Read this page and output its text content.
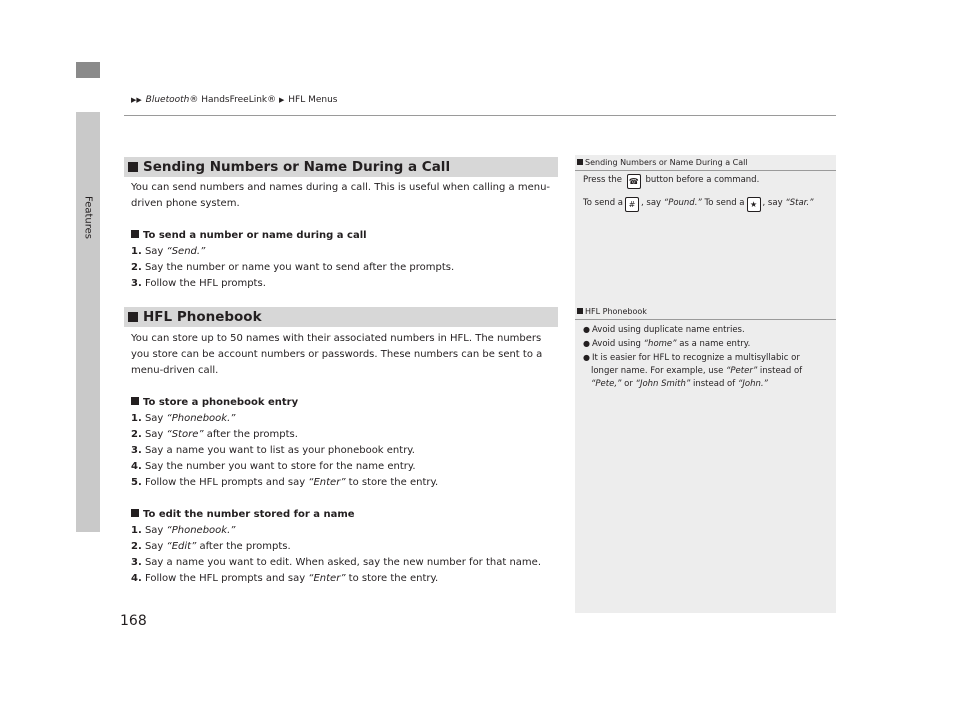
Features
▶▶ Bluetooth® HandsFreeLink® ▶ HFL Menus
Sending Numbers or Name During a Call

You can send numbers and names during a call. This is useful when calling a menu-

driven phone system.

To send a number or name during a call

1. Say “Send.”

2. Say the number or name you want to send after the prompts.

3. Follow the HFL prompts.

HFL Phonebook

You can store up to 50 names with their associated numbers in HFL. The numbers

you store can be account numbers or passwords. These numbers can be sent to a

menu-driven call.

To store a phonebook entry

1. Say “Phonebook.”

2. Say “Store” after the prompts.

3. Say a name you want to list as your phonebook entry.

4. Say the number you want to store for the name entry.

5. Follow the HFL prompts and say “Enter” to store the entry.

To edit the number stored for a name

1. Say “Phonebook.”

2. Say “Edit” after the prompts.

3. Say a name you want to edit. When asked, say the new number for that name.

4. Follow the HFL prompts and say “Enter” to store the entry.

Sending Numbers or Name During a Call

Press the ☎ button before a command.

To send a # , say “Pound.” To send a ★ , say “Star.”

HFL Phonebook

● Avoid using duplicate name entries.

● Avoid using “home” as a name entry.

● It is easier for HFL to recognize a multisyllabic or
longer name. For example, use “Peter” instead of
“Pete,” or “John Smith” instead of “John.”

168
